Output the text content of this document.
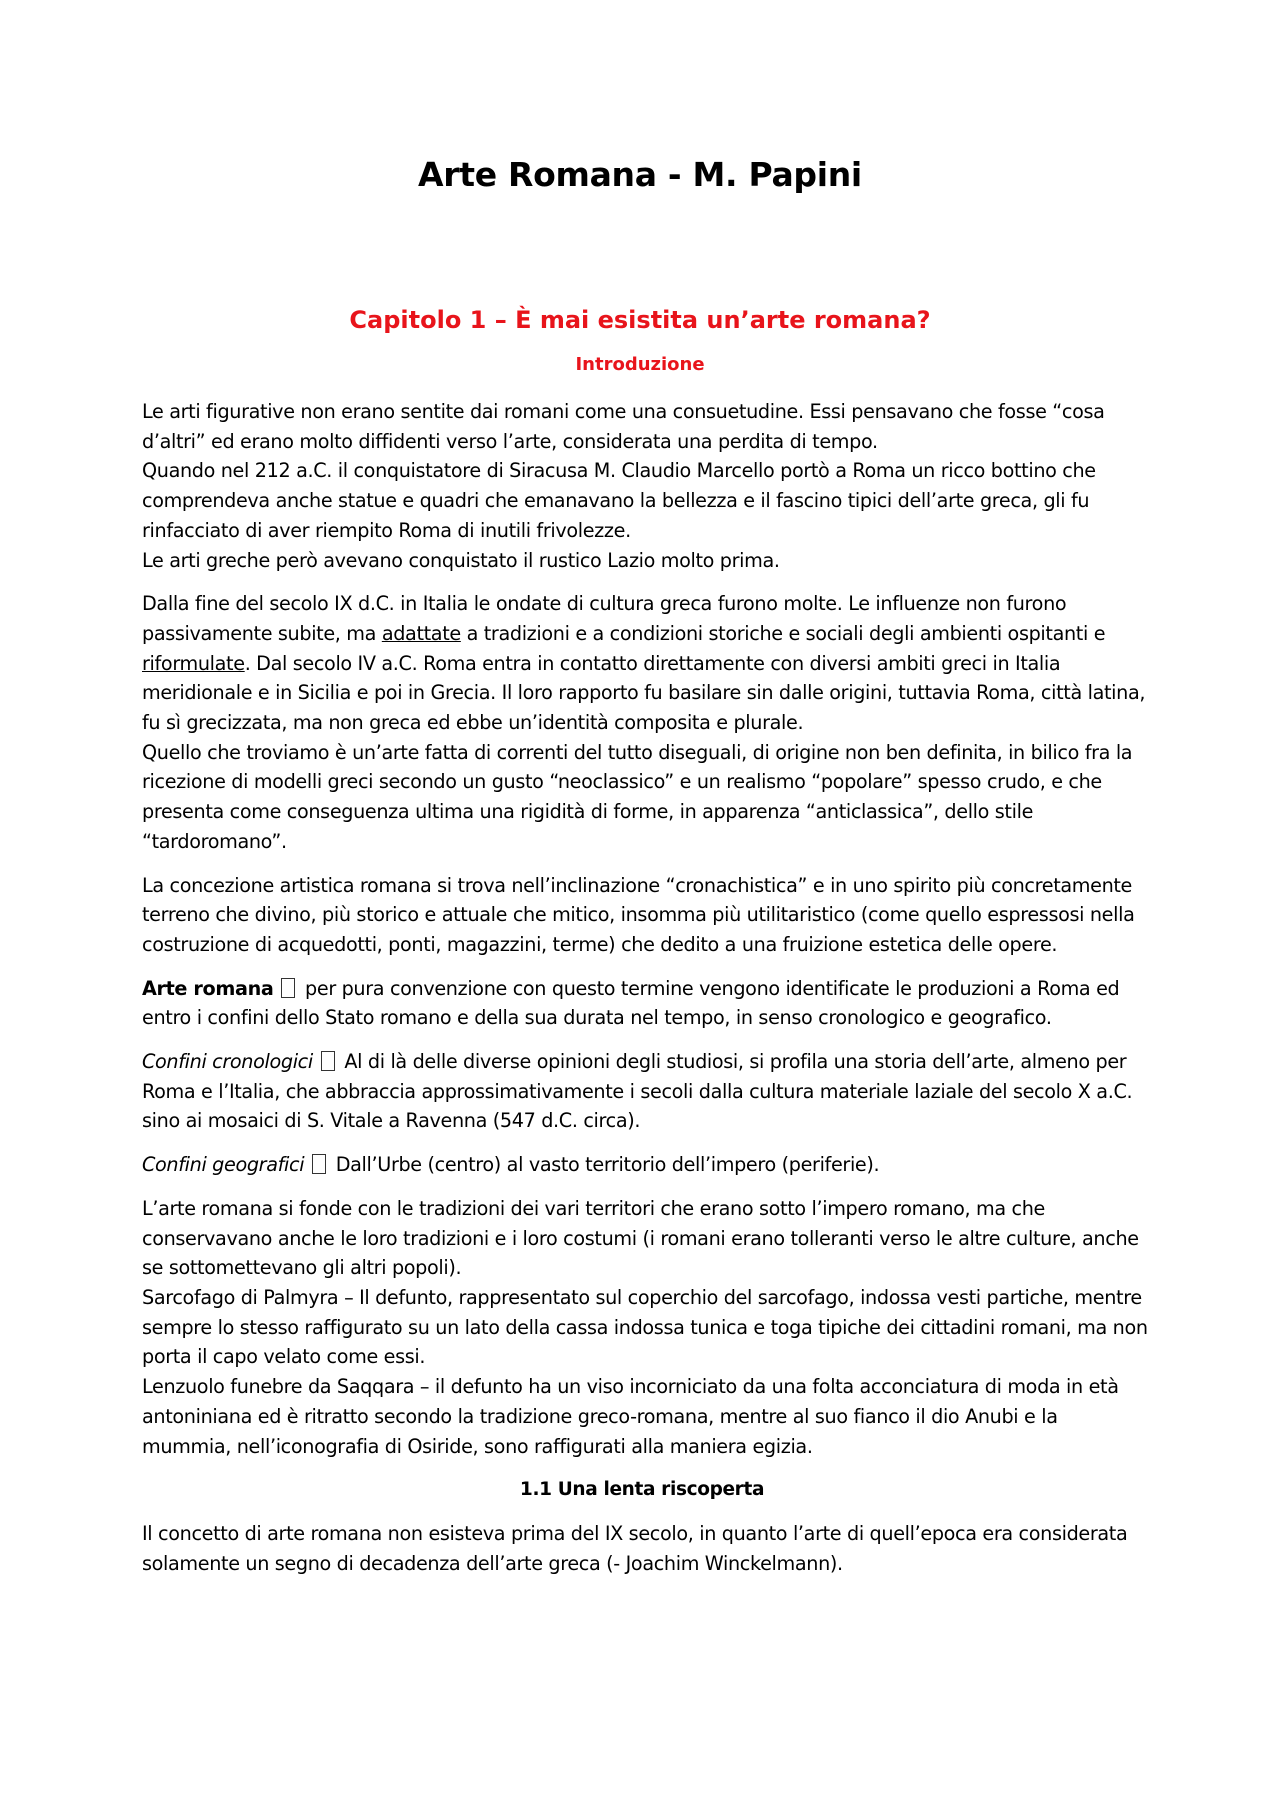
Arte Romana - M. Papini
Capitolo 1 – È mai esistita un’arte romana?
Introduzione

Le arti figurative non erano sentite dai romani come una consuetudine. Essi pensavano che fosse “cosa
d’altri” ed erano molto diffidenti verso l’arte, considerata una perdita di tempo.
Quando nel 212 a.C. il conquistatore di Siracusa M. Claudio Marcello portò a Roma un ricco bottino che
comprendeva anche statue e quadri che emanavano la bellezza e il fascino tipici dell’arte greca, gli fu
rinfacciato di aver riempito Roma di inutili frivolezze.
Le arti greche però avevano conquistato il rustico Lazio molto prima.

Dalla fine del secolo IX d.C. in Italia le ondate di cultura greca furono molte. Le influenze non furono
passivamente subite, ma adattate a tradizioni e a condizioni storiche e sociali degli ambienti ospitanti e
riformulate. Dal secolo IV a.C. Roma entra in contatto direttamente con diversi ambiti greci in Italia
meridionale e in Sicilia e poi in Grecia. Il loro rapporto fu basilare sin dalle origini, tuttavia Roma, città latina,
fu sì grecizzata, ma non greca ed ebbe un’identità composita e plurale.
Quello che troviamo è un’arte fatta di correnti del tutto diseguali, di origine non ben definita, in bilico fra la
ricezione di modelli greci secondo un gusto “neoclassico” e un realismo “popolare” spesso crudo, e che
presenta come conseguenza ultima una rigidità di forme, in apparenza “anticlassica”, dello stile
“tardoromano”.

La concezione artistica romana si trova nell’inclinazione “cronachistica” e in uno spirito più concretamente
terreno che divino, più storico e attuale che mitico, insomma più utilitaristico (come quello espressosi nella
costruzione di acquedotti, ponti, magazzini, terme) che dedito a una fruizione estetica delle opere.

Arte romana  per pura convenzione con questo termine vengono identificate le produzioni a Roma ed
entro i confini dello Stato romano e della sua durata nel tempo, in senso cronologico e geografico.

Confini cronologici  Al di là delle diverse opinioni degli studiosi, si profila una storia dell’arte, almeno per
Roma e l’Italia, che abbraccia approssimativamente i secoli dalla cultura materiale laziale del secolo X a.C.
sino ai mosaici di S. Vitale a Ravenna (547 d.C. circa).

Confini geografici  Dall’Urbe (centro) al vasto territorio dell’impero (periferie).

L’arte romana si fonde con le tradizioni dei vari territori che erano sotto l’impero romano, ma che
conservavano anche le loro tradizioni e i loro costumi (i romani erano tolleranti verso le altre culture, anche
se sottomettevano gli altri popoli).
Sarcofago di Palmyra – Il defunto, rappresentato sul coperchio del sarcofago, indossa vesti partiche, mentre
sempre lo stesso raffigurato su un lato della cassa indossa tunica e toga tipiche dei cittadini romani, ma non
porta il capo velato come essi.
Lenzuolo funebre da Saqqara – il defunto ha un viso incorniciato da una folta acconciatura di moda in età
antoniniana ed è ritratto secondo la tradizione greco-romana, mentre al suo fianco il dio Anubi e la
mummia, nell’iconografia di Osiride, sono raffigurati alla maniera egizia.

1.1 Una lenta riscoperta

Il concetto di arte romana non esisteva prima del IX secolo, in quanto l’arte di quell’epoca era considerata
solamente un segno di decadenza dell’arte greca (- Joachim Winckelmann).
